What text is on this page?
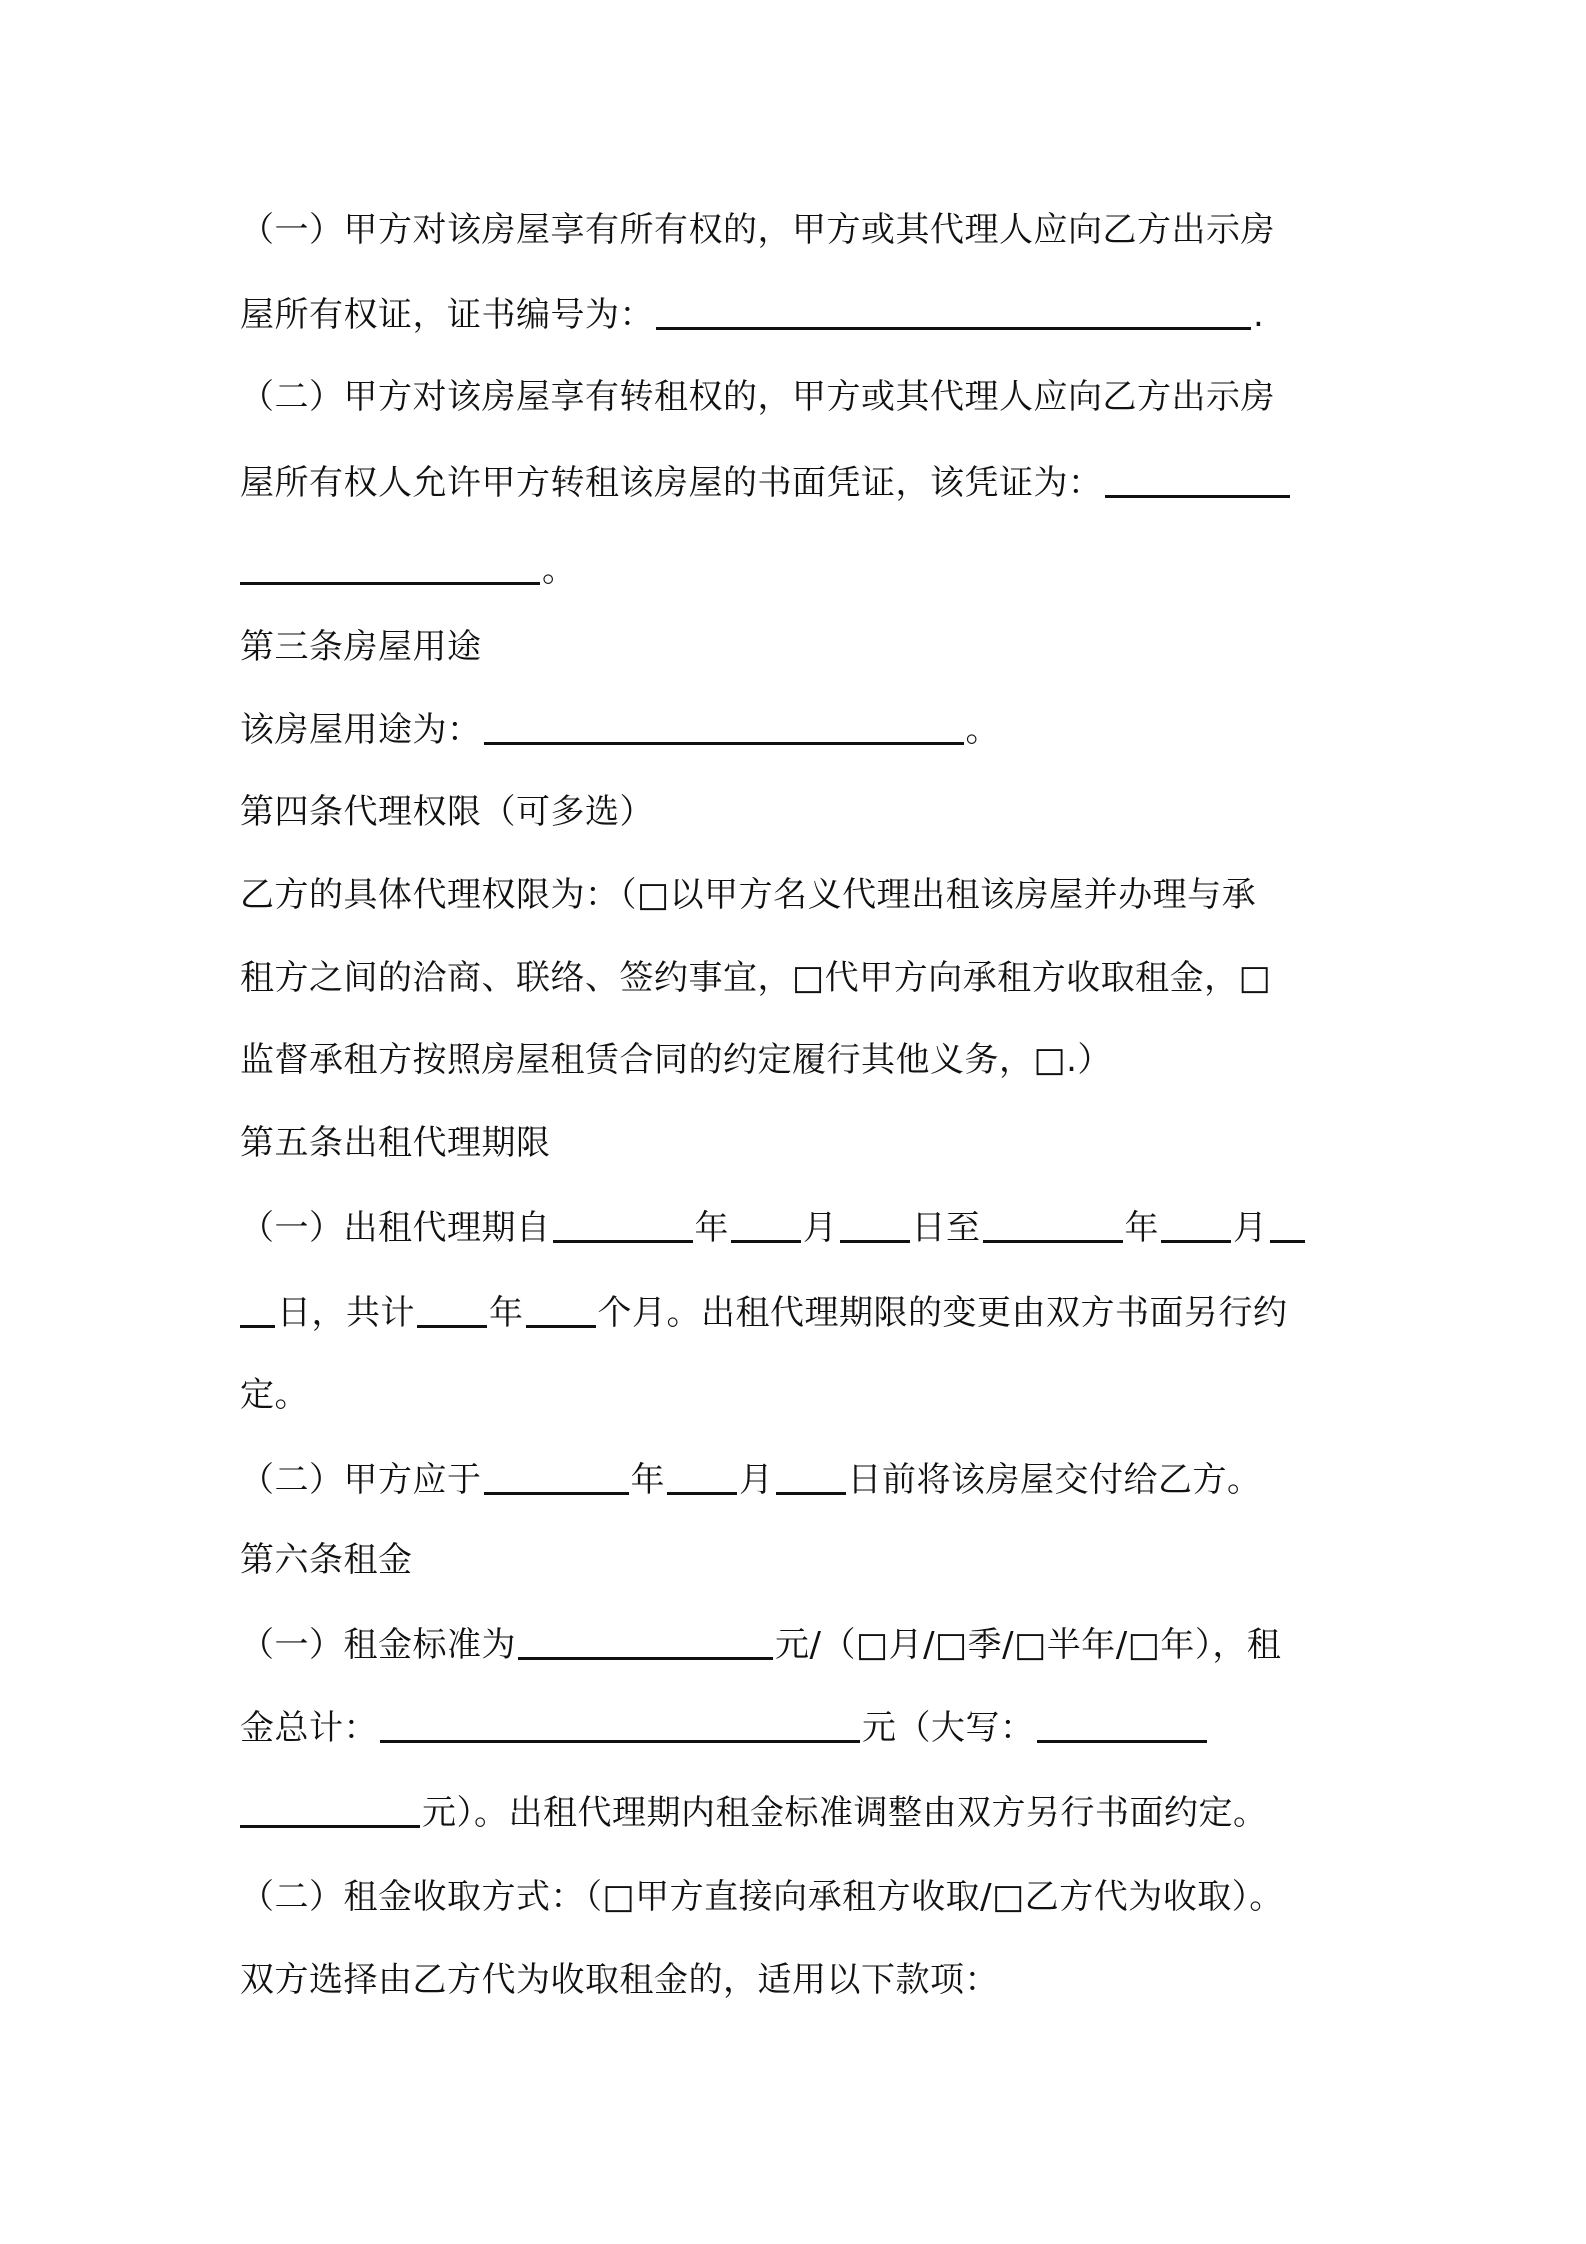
（一）甲方对该房屋享有所有权的，甲方或其代理人应向乙方出示房
屋所有权证，证书编号为：	.
（二）甲方对该房屋享有转租权的，甲方或其代理人应向乙方出示房
屋所有权人允许甲方转租该房屋的书面凭证，该凭证为：
。
第三条房屋用途
该房屋用途为：	。
第四条代理权限（可多选）
乙方的具体代理权限为：（□以甲方名义代理出租该房屋并办理与承
租方之间的洽商、联络、签约事宜，□代甲方向承租方收取租金，□
监督承租方按照房屋租赁合同的约定履行其他义务，□.）
第五条出租代理期限
（一）出租代理期自	年 月 日至	年 月
日，共计 年 个月。出租代理期限的变更由双方书面另行约
定。
（二）甲方应于	年 月 日前将该房屋交付给乙方。
第六条租金
（一）租金标准为	元/（□月/□季/□半年/□年），租
金总计：	元（大写：
元）。出租代理期内租金标准调整由双方另行书面约定。
（二）租金收取方式：（□甲方直接向承租方收取/□乙方代为收取）。
双方选择由乙方代为收取租金的，适用以下款项：
